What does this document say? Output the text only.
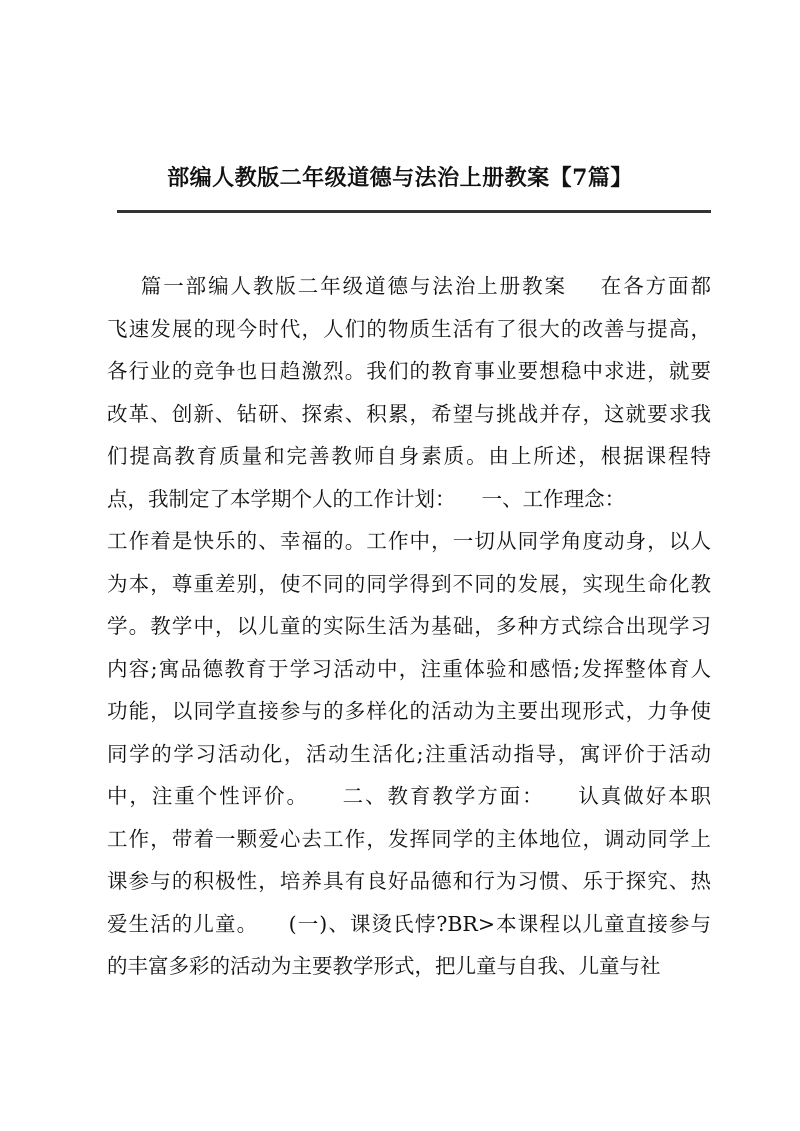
部编人教版二年级道德与法治上册教案【7篇】
篇一部编人教版二年级道德与法治上册教案    在各方面都
飞速发展的现今时代，人们的物质生活有了很大的改善与提高，
各行业的竞争也日趋激烈。我们的教育事业要想稳中求进，就要
改革、创新、钻研、探索、积累，希望与挑战并存，这就要求我
们提高教育质量和完善教师自身素质。由上所述，根据课程特
点，我制定了本学期个人的工作计划：    一、工作理念：
工作着是快乐的、幸福的。工作中，一切从同学角度动身，以人
为本，尊重差别，使不同的同学得到不同的发展，实现生命化教
学。教学中，以儿童的实际生活为基础，多种方式综合出现学习
内容;寓品德教育于学习活动中，注重体验和感悟;发挥整体育人
功能，以同学直接参与的多样化的活动为主要出现形式，力争使
同学的学习活动化，活动生活化;注重活动指导，寓评价于活动
中，注重个性评价。    二、教育教学方面：    认真做好本职
工作，带着一颗爱心去工作，发挥同学的主体地位，调动同学上
课参与的积极性，培养具有良好品德和行为习惯、乐于探究、热
爱生活的儿童。    (一)、课烫氏悖?BR>本课程以儿童直接参与
的丰富多彩的活动为主要教学形式，把儿童与自我、儿童与社
